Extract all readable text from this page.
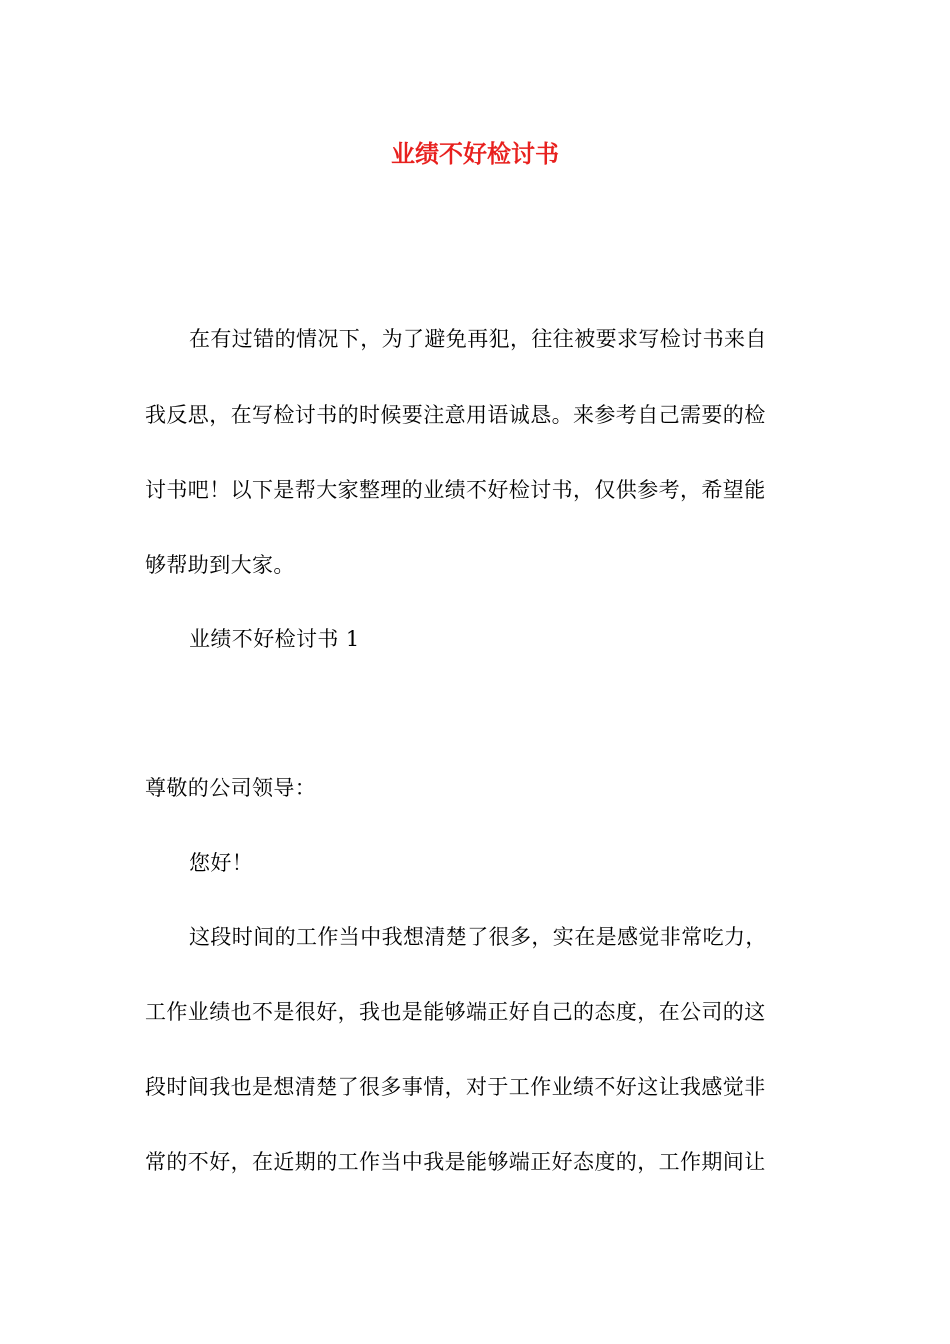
业绩不好检讨书
在有过错的情况下，为了避免再犯，往往被要求写检讨书来自
我反思，在写检讨书的时候要注意用语诚恳。来参考自己需要的检
讨书吧！以下是帮大家整理的业绩不好检讨书，仅供参考，希望能
够帮助到大家。
业绩不好检讨书 1
尊敬的公司领导：
您好！
这段时间的工作当中我想清楚了很多，实在是感觉非常吃力，
工作业绩也不是很好，我也是能够端正好自己的态度，在公司的这
段时间我也是想清楚了很多事情，对于工作业绩不好这让我感觉非
常的不好，在近期的工作当中我是能够端正好态度的，工作期间让
